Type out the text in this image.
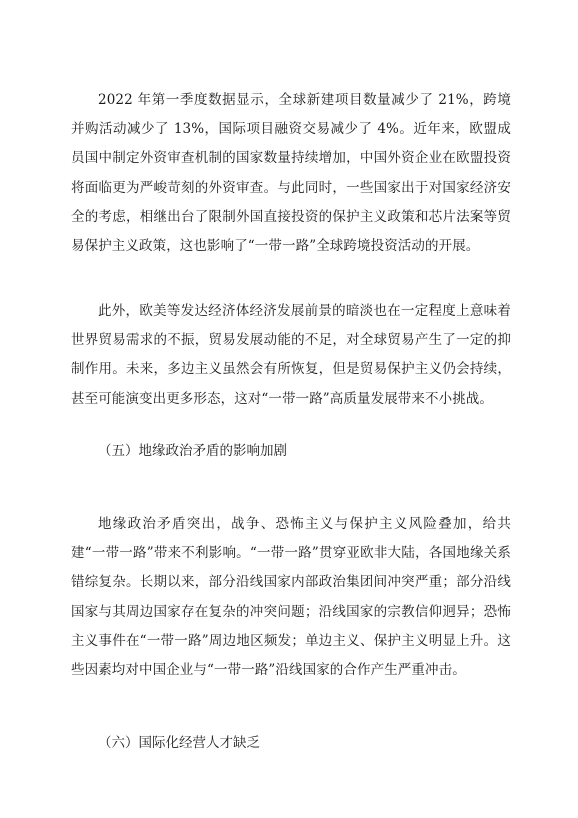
2022 年第一季度数据显示，全球新建项目数量减少了 21%，跨境并购活动减少了 13%，国际项目融资交易减少了 4%。近年来，欧盟成员国中制定外资审查机制的国家数量持续增加，中国外资企业在欧盟投资将面临更为严峻苛刻的外资审查。与此同时，一些国家出于对国家经济安全的考虑，相继出台了限制外国直接投资的保护主义政策和芯片法案等贸易保护主义政策，这也影响了“一带一路”全球跨境投资活动的开展。

此外，欧美等发达经济体经济发展前景的暗淡也在一定程度上意味着世界贸易需求的不振，贸易发展动能的不足，对全球贸易产生了一定的抑制作用。未来，多边主义虽然会有所恢复，但是贸易保护主义仍会持续，甚至可能演变出更多形态，这对“一带一路”高质量发展带来不小挑战。

（五）地缘政治矛盾的影响加剧

地缘政治矛盾突出，战争、恐怖主义与保护主义风险叠加，给共建“一带一路”带来不利影响。“一带一路”贯穿亚欧非大陆，各国地缘关系错综复杂。长期以来，部分沿线国家内部政治集团间冲突严重；部分沿线国家与其周边国家存在复杂的冲突问题；沿线国家的宗教信仰迥异；恐怖主义事件在“一带一路”周边地区频发；单边主义、保护主义明显上升。这些因素均对中国企业与“一带一路”沿线国家的合作产生严重冲击。

（六）国际化经营人才缺乏
